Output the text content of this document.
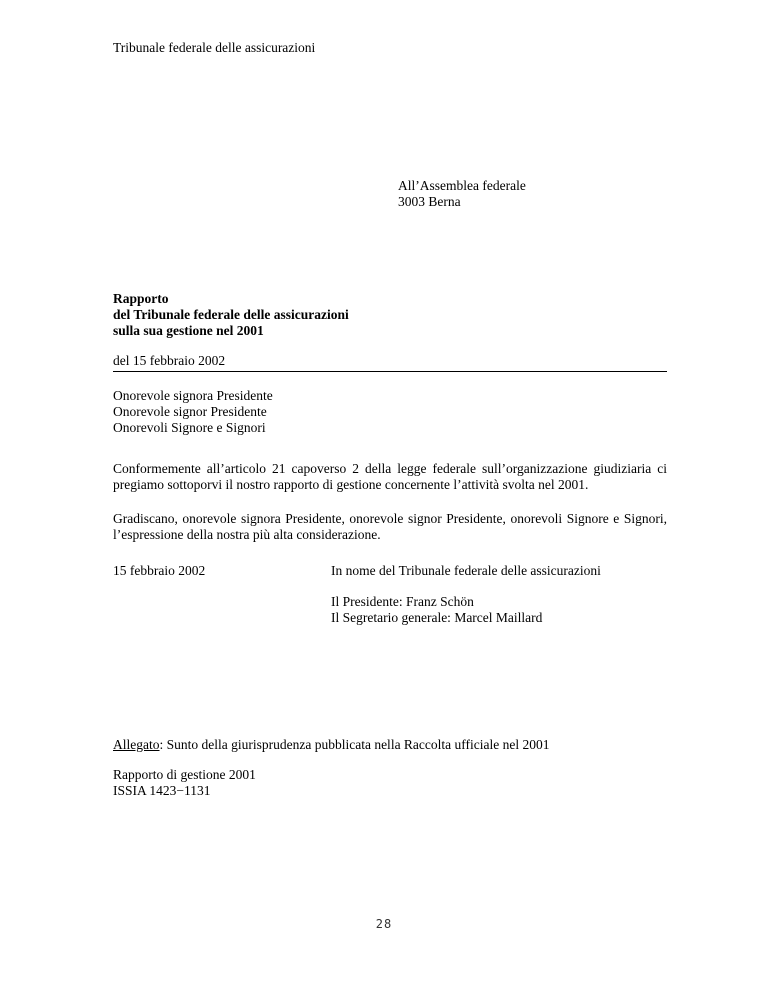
Tribunale federale delle assicurazioni
All’Assemblea federale
3003 Berna
Rapporto
del Tribunale federale delle assicurazioni
sulla sua gestione nel 2001
del 15 febbraio 2002
Onorevole signora Presidente
Onorevole signor Presidente
Onorevoli Signore e Signori
Conformemente all’articolo 21 capoverso 2 della legge federale sull’organizzazione giudiziaria ci pregiamo sottoporvi il nostro rapporto di gestione concernente l’attività svolta nel 2001.
Gradiscano, onorevole signora Presidente, onorevole signor Presidente, onorevoli Signore e Signori, l’espressione della nostra più alta considerazione.
15 febbraio 2002	In nome del Tribunale federale delle assicurazioni
Il Presidente: Franz Schön
Il Segretario generale: Marcel Maillard
Allegato: Sunto della giurisprudenza pubblicata nella Raccolta ufficiale nel 2001
Rapporto di gestione 2001
ISSIA 1423−1131
28
